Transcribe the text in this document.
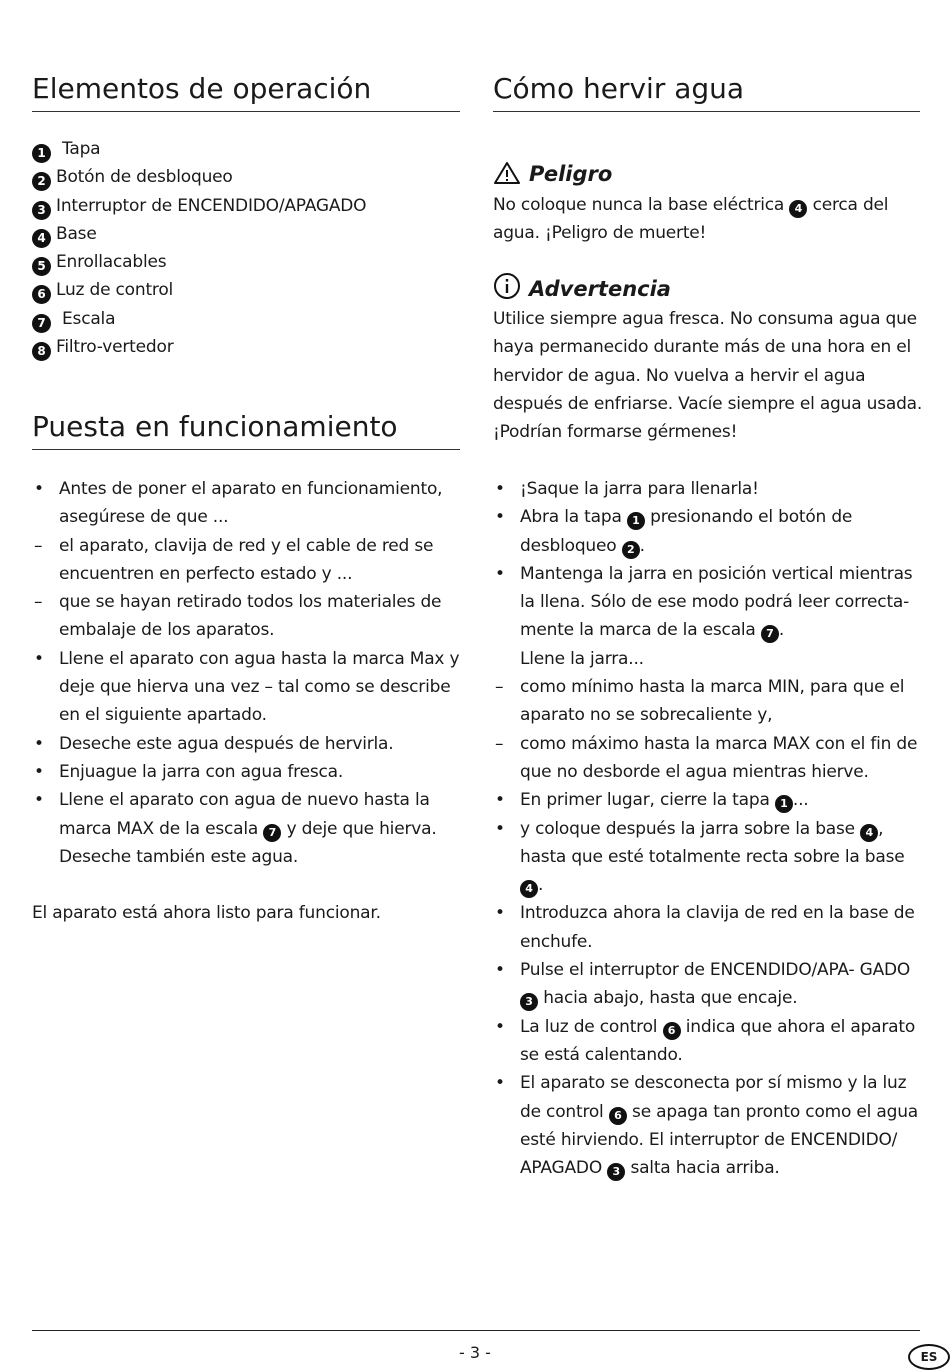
Elementos de operación
1 Tapa
2 Botón de desbloqueo
3 Interruptor de ENCENDIDO/APAGADO
4 Base
5 Enrollacables
6 Luz de control
7 Escala
8 Filtro-vertedor
Puesta en funcionamiento
• Antes de poner el aparato en funcionamiento, asegúrese de que ...
– el aparato, clavija de red y el cable de red se encuentren en perfecto estado y ...
– que se hayan retirado todos los materiales de embalaje de los aparatos.
• Llene el aparato con agua hasta la marca Max y deje que hierva una vez – tal como se describe en el siguiente apartado.
• Deseche este agua después de hervirla.
• Enjuague la jarra con agua fresca.
• Llene el aparato con agua de nuevo hasta la marca MAX de la escala 7 y deje que hierva. Deseche también este agua.

El aparato está ahora listo para funcionar.

Cómo hervir agua
Peligro

No coloque nunca la base eléctrica 4 cerca del agua. ¡Peligro de muerte!

Advertencia

Utilice siempre agua fresca. No consuma agua que haya permanecido durante más de una hora en el hervidor de agua. No vuelva a hervir el agua después de enfriarse. Vacíe siempre el agua usada. ¡Podrían formarse gérmenes!

• ¡Saque la jarra para llenarla!
• Abra la tapa 1 presionando el botón de desbloqueo 2 .
• Mantenga la jarra en posición vertical mientras la llena. Sólo de ese modo podrá leer correcta- mente la marca de la escala 7 .
Llene la jarra...
– como mínimo hasta la marca MIN, para que el aparato no se sobrecaliente y,
– como máximo hasta la marca MAX con el fin de que no desborde el agua mientras hierve.
• En primer lugar, cierre la tapa 1 ...
• y coloque después la jarra sobre la base 4 , hasta que esté totalmente recta sobre la base 4 .
• Introduzca ahora la clavija de red en la base de enchufe.
• Pulse el interruptor de ENCENDIDO/APA- GADO 3 hacia abajo, hasta que encaje.
• La luz de control 6 indica que ahora el aparato se está calentando.
• El aparato se desconecta por sí mismo y la luz de control 6 se apaga tan pronto como el agua esté hirviendo. El interruptor de ENCENDIDO/ APAGADO 3 salta hacia arriba.
- 3 -	ES
